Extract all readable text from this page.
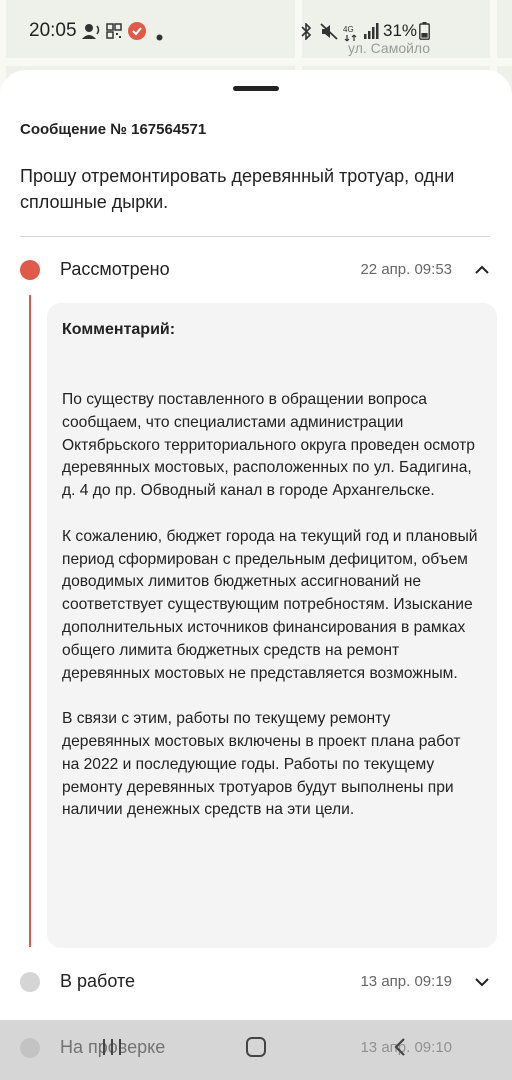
ул. Самойло
20:05	4G 31%
Сообщение № 167564571
Прошу отремонтировать деревянный тротуар, одни сплошные дырки.
Рассмотрено	22 апр. 09:53
Комментарий:

По существу поставленного в обращении вопроса сообщаем, что специалистами администрации Октябрьского территориального округа проведен осмотр деревянных мостовых, расположенных по ул. Бадигина, д. 4 до пр. Обводный канал в городе Архангельске.

К сожалению, бюджет города на текущий год и плановый период сформирован с предельным дефицитом, объем доводимых лимитов бюджетных ассигнований не соответствует существующим потребностям. Изыскание дополнительных источников финансирования в рамках общего лимита бюджетных средств на ремонт деревянных мостовых не представляется возможным.

В связи с этим, работы по текущему ремонту деревянных мостовых включены в проект плана работ на 2022 и последующие годы. Работы по текущему ремонту деревянных тротуаров будут выполнены при наличии денежных средств на эти цели.

В работе	13 апр. 09:19
